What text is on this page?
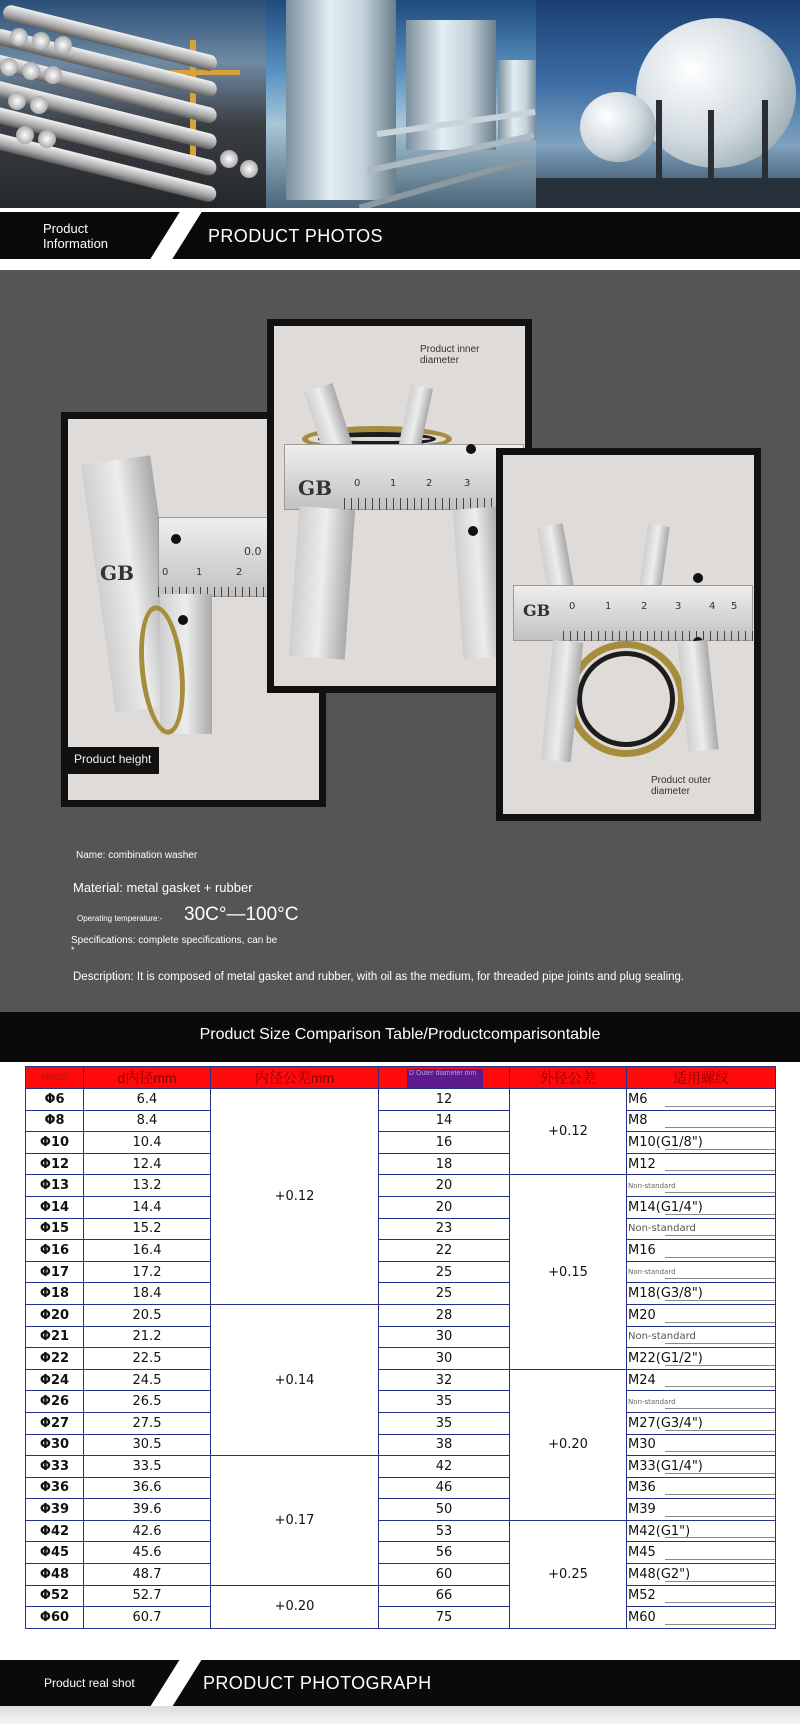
Product Information	PRODUCT PHOTOS
GB	0	1	2
0.0
Product height
Product inner diameter
GB 0	1	2	3
GB 0	1	2	3	4 5
Product outer diameter
Name: combination washer
Material: metal gasket + rubber
Operating temperature:- 30C°—100°C
Specifications: complete specifications, can be
*
Description: It is composed of metal gasket and rubber, with oil as the medium, for threaded pipe joints and plug sealing.
Product Size Comparison Table/Productcomparisontable
Model	d内径mm	内径公差mm	D Outer diameter mm	外径公差	适用螺纹
Φ6	6.4	+0.12	12	+0.12	M6

Φ8	8.4		14		M8

Φ10	10.4		16		M10(G1/8")

Φ12	12.4		18		M12

Φ13	13.2		20	+0.15	Non-standard

Φ14	14.4		20		M14(G1/4")

Φ15	15.2		23		Non-standard

Φ16	16.4		22		M16

Φ17	17.2		25		Non-standard

Φ18	18.4		25		M18(G3/8")

Φ20	20.5	+0.14	28		M20

Φ21	21.2		30		Non-standard

Φ22	22.5		30		M22(G1/2")

Φ24	24.5		32	+0.20	M24

Φ26	26.5		35		Non-standard

Φ27	27.5		35		M27(G3/4")

Φ30	30.5		38		M30

Φ33	33.5	+0.17	42		M33(G1/4")

Φ36	36.6		46		M36

Φ39	39.6		50		M39

Φ42	42.6		53	+0.25	M42(G1")

Φ45	45.6		56		M45

Φ48	48.7		60		M48(G2")

Φ52	52.7	+0.20	66		M52

Φ60	60.7		75		M60
Product real shot	PRODUCT PHOTOGRAPH
